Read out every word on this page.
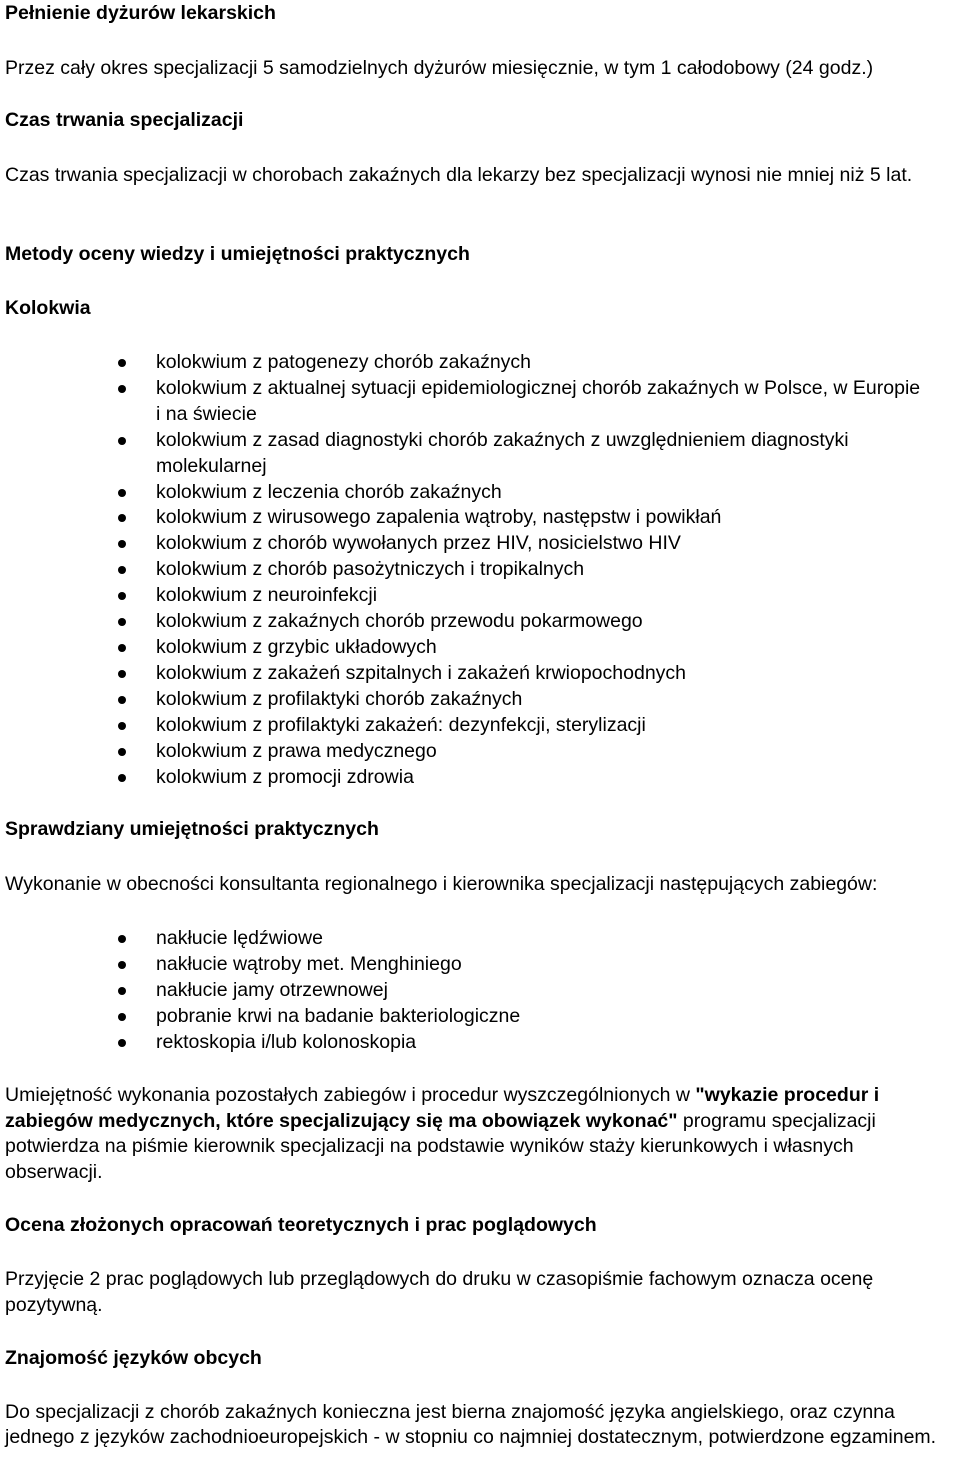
Pełnienie dyżurów lekarskich
Przez cały okres specjalizacji 5 samodzielnych dyżurów miesięcznie, w tym 1 całodobowy (24 godz.)
Czas trwania specjalizacji
Czas trwania specjalizacji w chorobach zakaźnych dla lekarzy bez specjalizacji wynosi nie mniej niż 5 lat.
Metody oceny wiedzy i umiejętności praktycznych
Kolokwia
kolokwium z patogenezy chorób zakaźnych
kolokwium z aktualnej sytuacji epidemiologicznej chorób zakaźnych w Polsce, w Europie i na świecie
kolokwium z zasad diagnostyki chorób zakaźnych z uwzględnieniem diagnostyki molekularnej
kolokwium z leczenia chorób zakaźnych
kolokwium z wirusowego zapalenia wątroby, następstw i powikłań
kolokwium z chorób wywołanych przez HIV, nosicielstwo HIV
kolokwium z chorób pasożytniczych i tropikalnych
kolokwium z neuroinfekcji
kolokwium z zakaźnych chorób przewodu pokarmowego
kolokwium z grzybic układowych
kolokwium z zakażeń szpitalnych i zakażeń krwiopochodnych
kolokwium z profilaktyki chorób zakaźnych
kolokwium z profilaktyki zakażeń: dezynfekcji, sterylizacji
kolokwium z prawa medycznego
kolokwium z promocji zdrowia
Sprawdziany umiejętności praktycznych
Wykonanie w obecności konsultanta regionalnego i kierownika specjalizacji następujących zabiegów:
nakłucie lędźwiowe
nakłucie wątroby met. Menghiniego
nakłucie jamy otrzewnowej
pobranie krwi na badanie bakteriologiczne
rektoskopia i/lub kolonoskopia
Umiejętność wykonania pozostałych zabiegów i procedur wyszczególnionych w "wykazie procedur i zabiegów medycznych, które specjalizujący się ma obowiązek wykonać" programu specjalizacji potwierdza na piśmie kierownik specjalizacji na podstawie wyników staży kierunkowych i własnych obserwacji.
Ocena złożonych opracowań teoretycznych i prac poglądowych
Przyjęcie 2 prac poglądowych lub przeglądowych do druku w czasopiśmie fachowym oznacza ocenę pozytywną.
Znajomość języków obcych
Do specjalizacji z chorób zakaźnych konieczna jest bierna znajomość języka angielskiego, oraz czynna jednego z języków zachodnioeuropejskich - w stopniu co najmniej dostatecznym, potwierdzone egzaminem.
